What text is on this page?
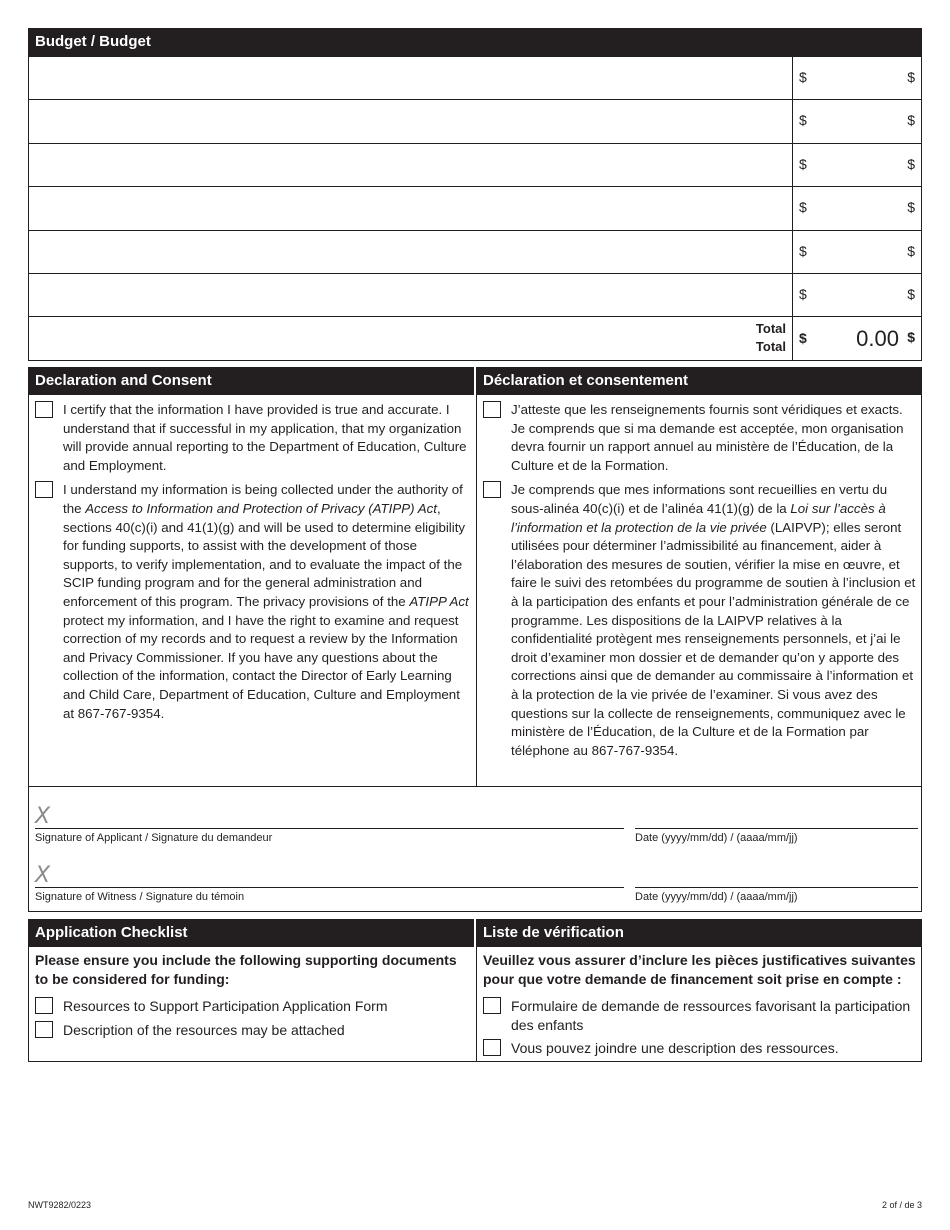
Budget / Budget
$	$
$	$
$	$
$	$
$	$
$	$
Total
Total
$ 0.00 $
Declaration and Consent	Déclaration et consentement
I certify that the information I have provided is true and accurate. I understand that if successful in my application, that my organization will provide annual reporting to the Department of Education, Culture and Employment.
I understand my information is being collected under the authority of the Access to Information and Protection of Privacy (ATIPP) Act, sections 40(c)(i) and 41(1)(g) and will be used to determine eligibility for funding supports, to assist with the development of those supports, to verify implementation, and to evaluate the impact of the SCIP funding program and for the general administration and enforcement of this program. The privacy provisions of the ATIPP Act protect my information, and I have the right to examine and request correction of my records and to request a review by the Information and Privacy Commissioner. If you have any questions about the collection of the information, contact the Director of Early Learning and Child Care, Department of Education, Culture and Employment at 867-767-9354.
J’atteste que les renseignements fournis sont véridiques et exacts. Je comprends que si ma demande est acceptée, mon organisation devra fournir un rapport annuel au ministère de l’Éducation, de la Culture et de la Formation.
Je comprends que mes informations sont recueillies en vertu du sous-alinéa 40(c)(i) et de l’alinéa 41(1)(g) de la Loi sur l’accès à l’information et la protection de la vie privée (LAIPVP); elles seront utilisées pour déterminer l’admissibilité au financement, aider à l’élaboration des mesures de soutien, vérifier la mise en œuvre, et faire le suivi des retombées du programme de soutien à l’inclusion et à la participation des enfants et pour l’administration générale de ce programme. Les dispositions de la LAIPVP relatives à la confidentialité protègent mes renseignements personnels, et j’ai le droit d’examiner mon dossier et de demander qu’on y apporte des corrections ainsi que de demander au commissaire à l’information et à la protection de la vie privée de l’examiner. Si vous avez des questions sur la collecte de renseignements, communiquez avec le ministère de l’Éducation, de la Culture et de la Formation par téléphone au 867-767-9354.
X
Signature of Applicant / Signature du demandeur	Date (yyyy/mm/dd) / (aaaa/mm/jj)
X
Signature of Witness / Signature du témoin	Date (yyyy/mm/dd) / (aaaa/mm/jj)
Application Checklist	Liste de vérification
Please ensure you include the following supporting documents to be considered for funding:
Resources to Support Participation Application Form
Description of the resources may be attached
Veuillez vous assurer d’inclure les pièces justificatives suivantes pour que votre demande de financement soit prise en compte :
Formulaire de demande de ressources favorisant la participation des enfants
Vous pouvez joindre une description des ressources.
NWT9282/0223	2 of / de 3
